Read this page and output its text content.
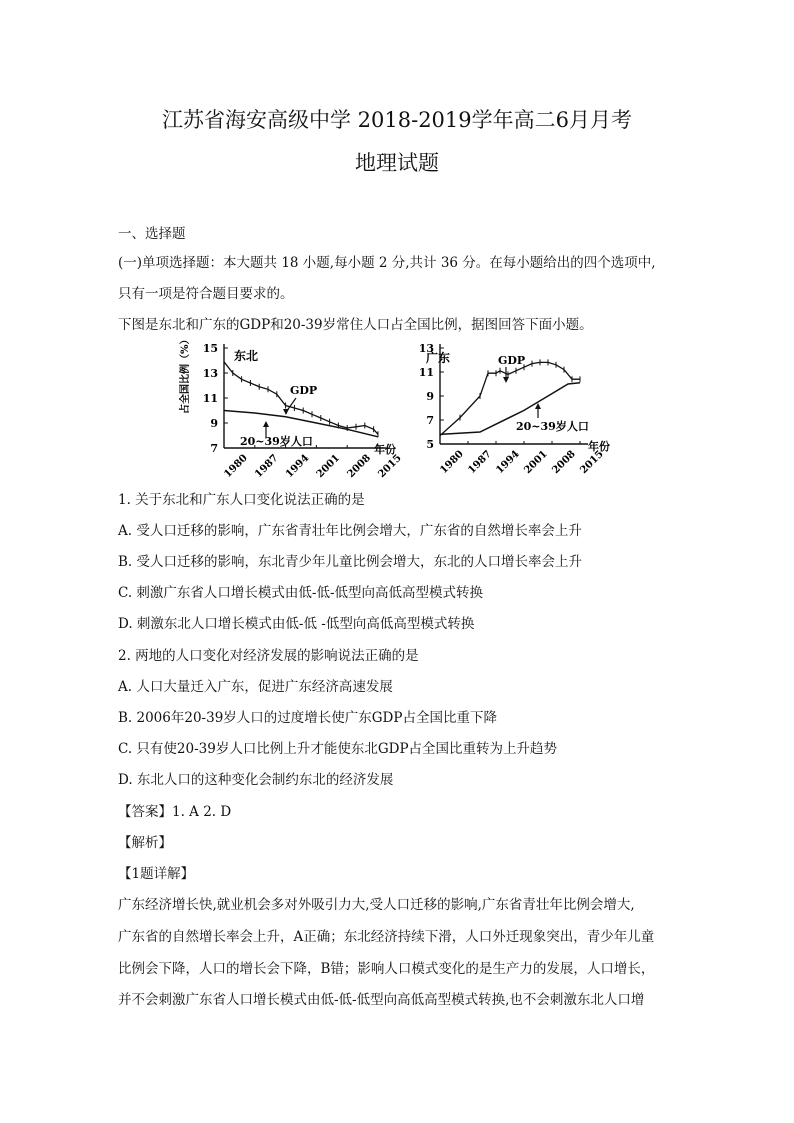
江苏省海安高级中学 2018-2019学年高二6月月考
地理试题
一、选择题
(一)单项选择题：本大题共 18 小题,每小题 2 分,共计 36 分。在每小题给出的四个选项中,
只有一项是符合题目要求的。
下图是东北和广东的GDP和20-39岁常住人口占全国比例，据图回答下面小题。
7
9
11
13
15
1980 1987 1994 2001 2008 2015
年份
占全国比例（%）	东北
GDP
20~39岁人口	5
7
9
11
13
1980 1987 1994 2001 2008 2015
年份
广东	GDP
20~39岁人口
1. 关于东北和广东人口变化说法正确的是
A. 受人口迁移的影响，广东省青壮年比例会增大，广东省的自然增长率会上升
B. 受人口迁移的影响，东北青少年儿童比例会增大，东北的人口增长率会上升
C. 刺激广东省人口增长模式由低-低-低型向高低高型模式转换
D. 刺激东北人口增长模式由低-低 -低型向高低高型模式转换
2. 两地的人口变化对经济发展的影响说法正确的是
A. 人口大量迁入广东，促进广东经济高速发展
B. 2006年20-39岁人口的过度增长使广东GDP占全国比重下降
C. 只有使20-39岁人口比例上升才能使东北GDP占全国比重转为上升趋势
D. 东北人口的这种变化会制约东北的经济发展
【答案】1. A 2. D
【解析】
【1题详解】
广东经济增长快,就业机会多对外吸引力大,受人口迁移的影响,广东省青壮年比例会增大,
广东省的自然增长率会上升，A正确；东北经济持续下滑，人口外迁现象突出，青少年儿童
比例会下降，人口的增长会下降，B错；影响人口模式变化的是生产力的发展，人口增长，
并不会刺激广东省人口增长模式由低-低-低型向高低高型模式转换,也不会刺激东北人口增
